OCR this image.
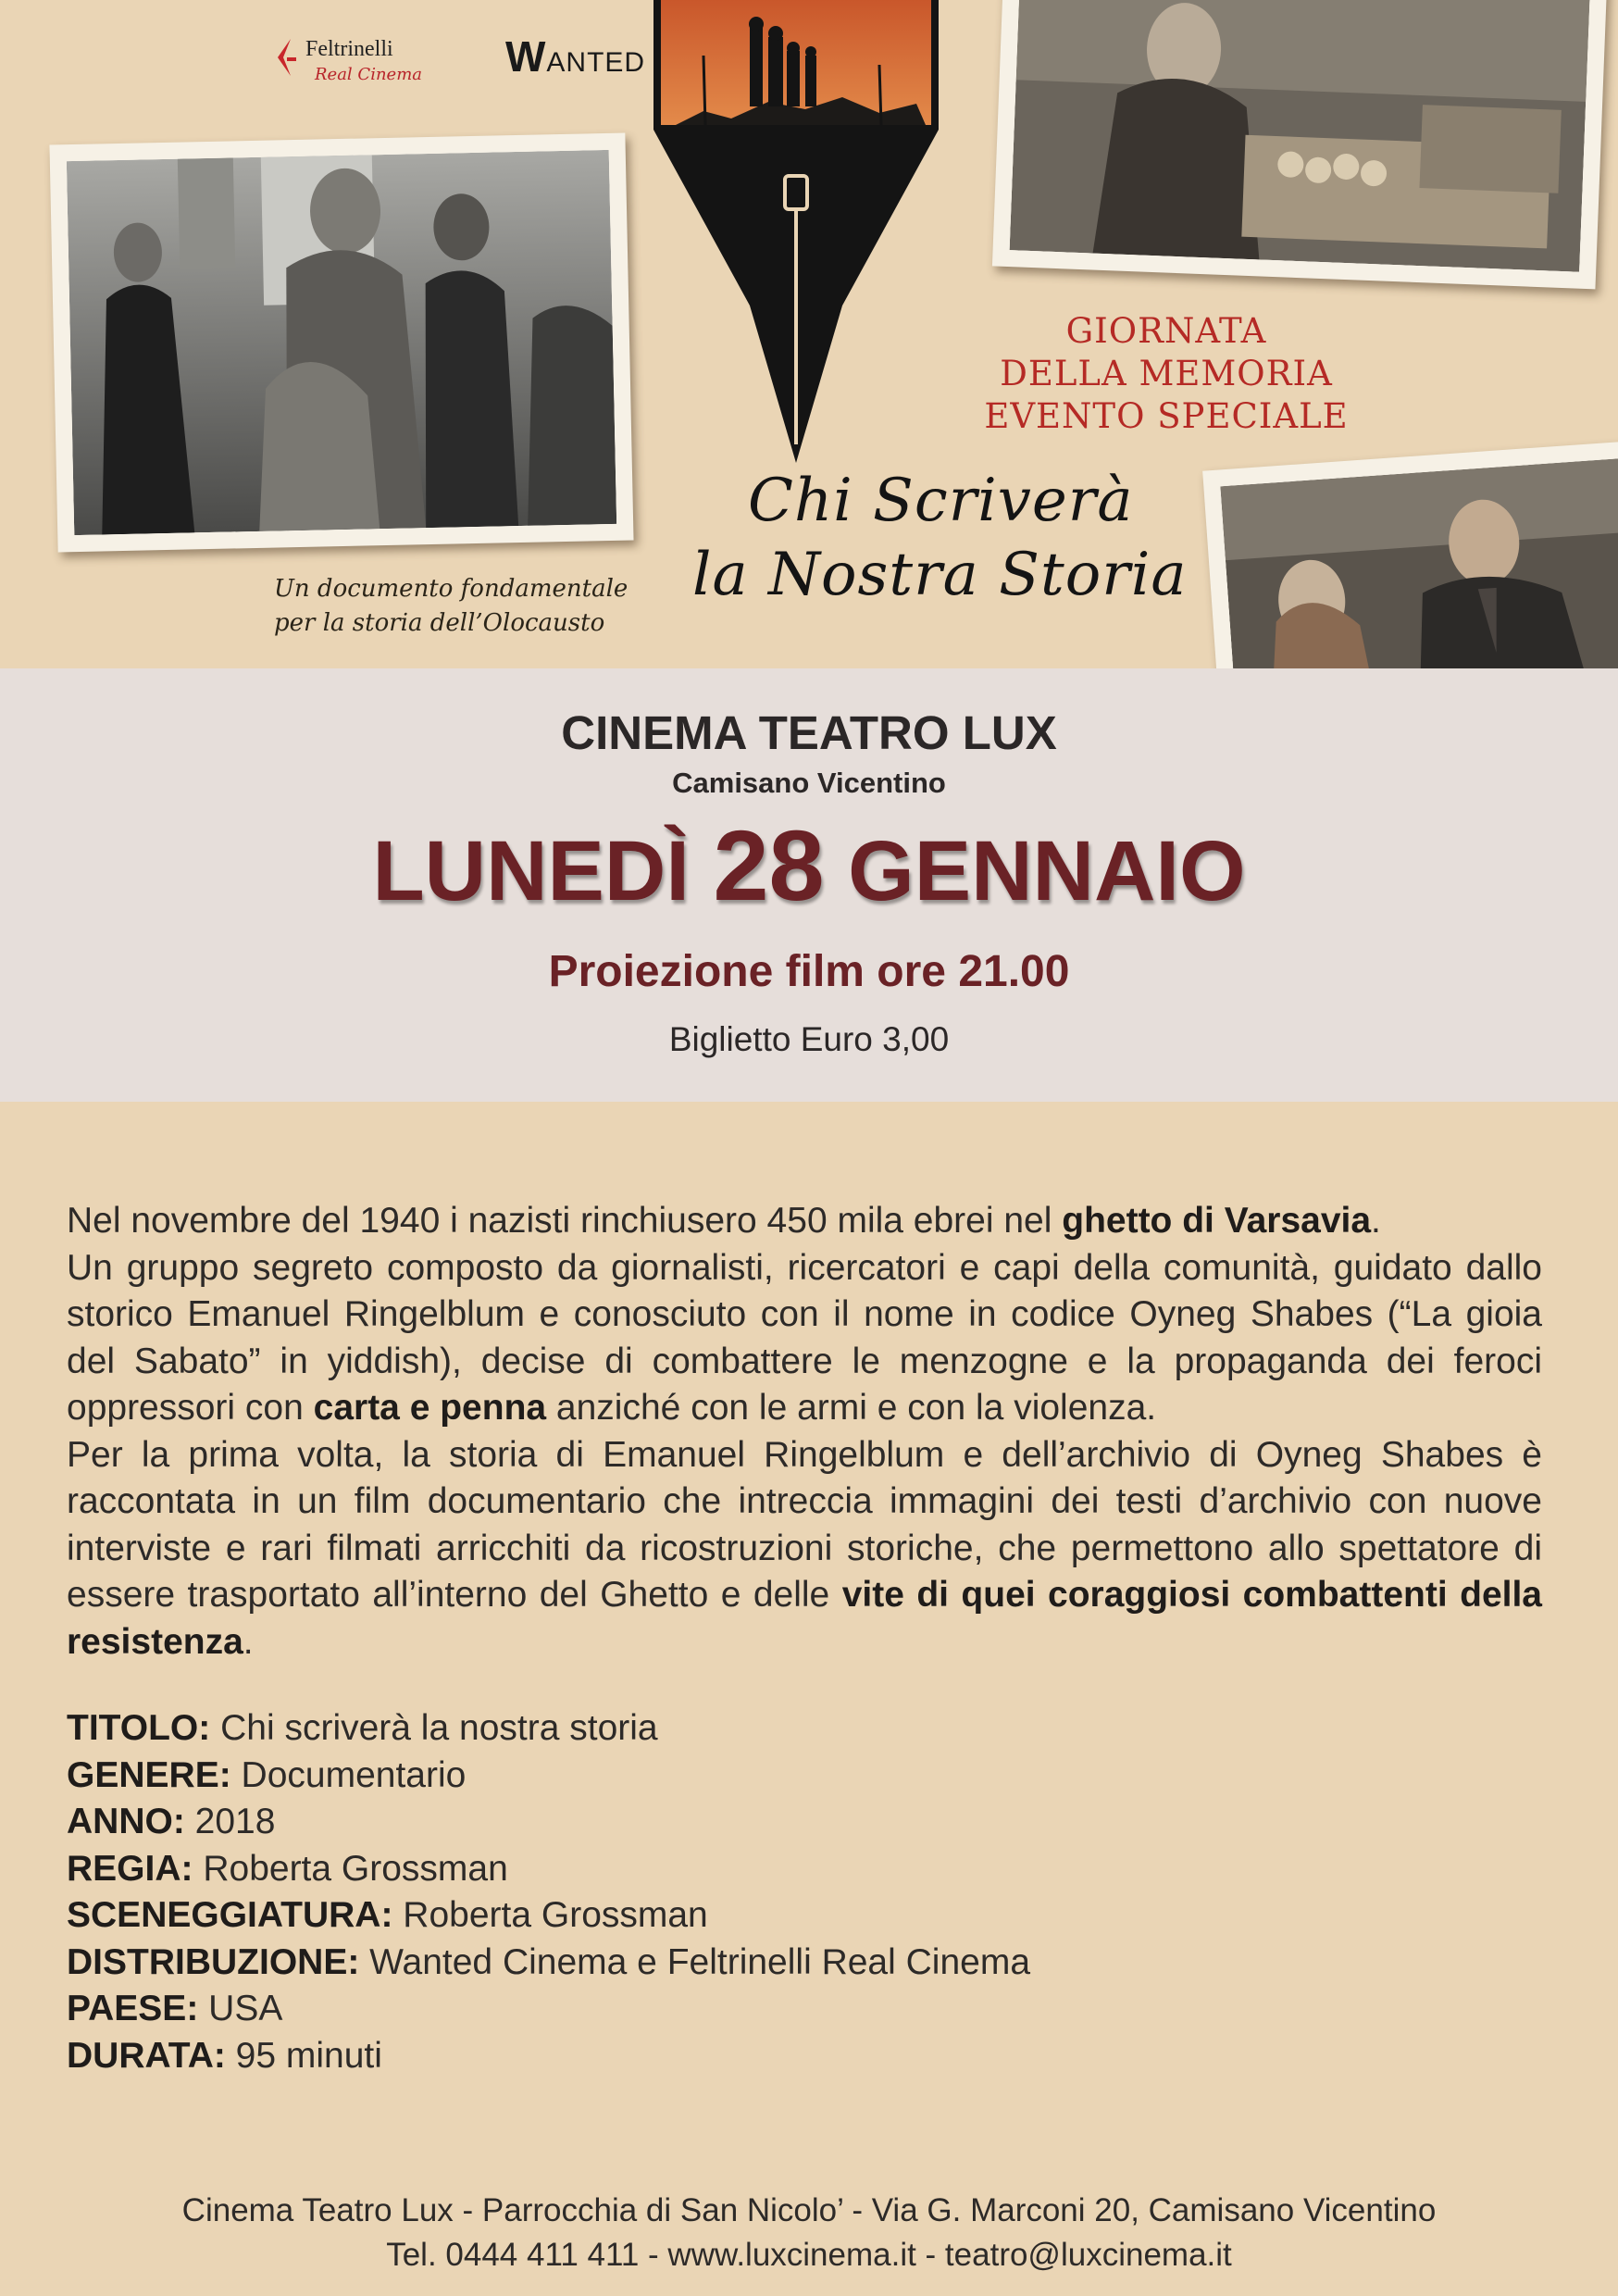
Feltrinelli
Real Cinema WANTED
GIORNATA
DELLA MEMORIA
EVENTO SPECIALE
Chi Scriverà
la Nostra Storia
Un documento fondamentale
per la storia dell’Olocausto
CINEMA TEATRO LUX
Camisano Vicentino
LUNEDÌ 28 GENNAIO
Proiezione film ore 21.00
Biglietto Euro 3,00

Nel novembre del 1940 i nazisti rinchiusero 450 mila ebrei nel ghetto di Varsavia.

Un gruppo segreto composto da giornalisti, ricercatori e capi della comunità, guidato dallo storico Emanuel Ringelblum e conosciuto con il nome in codice Oyneg Shabes (“La gioia del Sabato” in yiddish), decise di combattere le menzogne e la propaganda dei feroci oppressori con carta e penna anziché con le armi e con la violenza.

Per la prima volta, la storia di Emanuel Ringelblum e dell’archivio di Oyneg Shabes è raccontata in un film documentario che intreccia immagini dei testi d’archivio con nuove interviste e rari filmati arricchiti da ricostruzioni storiche, che permettono allo spettatore di essere trasportato all’interno del Ghetto e delle vite di quei coraggiosi combattenti della resistenza.

TITOLO: Chi scriverà la nostra storia
GENERE: Documentario
ANNO: 2018
REGIA: Roberta Grossman
SCENEGGIATURA: Roberta Grossman
DISTRIBUZIONE: Wanted Cinema e Feltrinelli Real Cinema
PAESE: USA
DURATA: 95 minuti
Cinema Teatro Lux - Parrocchia di San Nicolo’ - Via G. Marconi 20, Camisano Vicentino
Tel. 0444 411 411 - www.luxcinema.it - teatro@luxcinema.it
